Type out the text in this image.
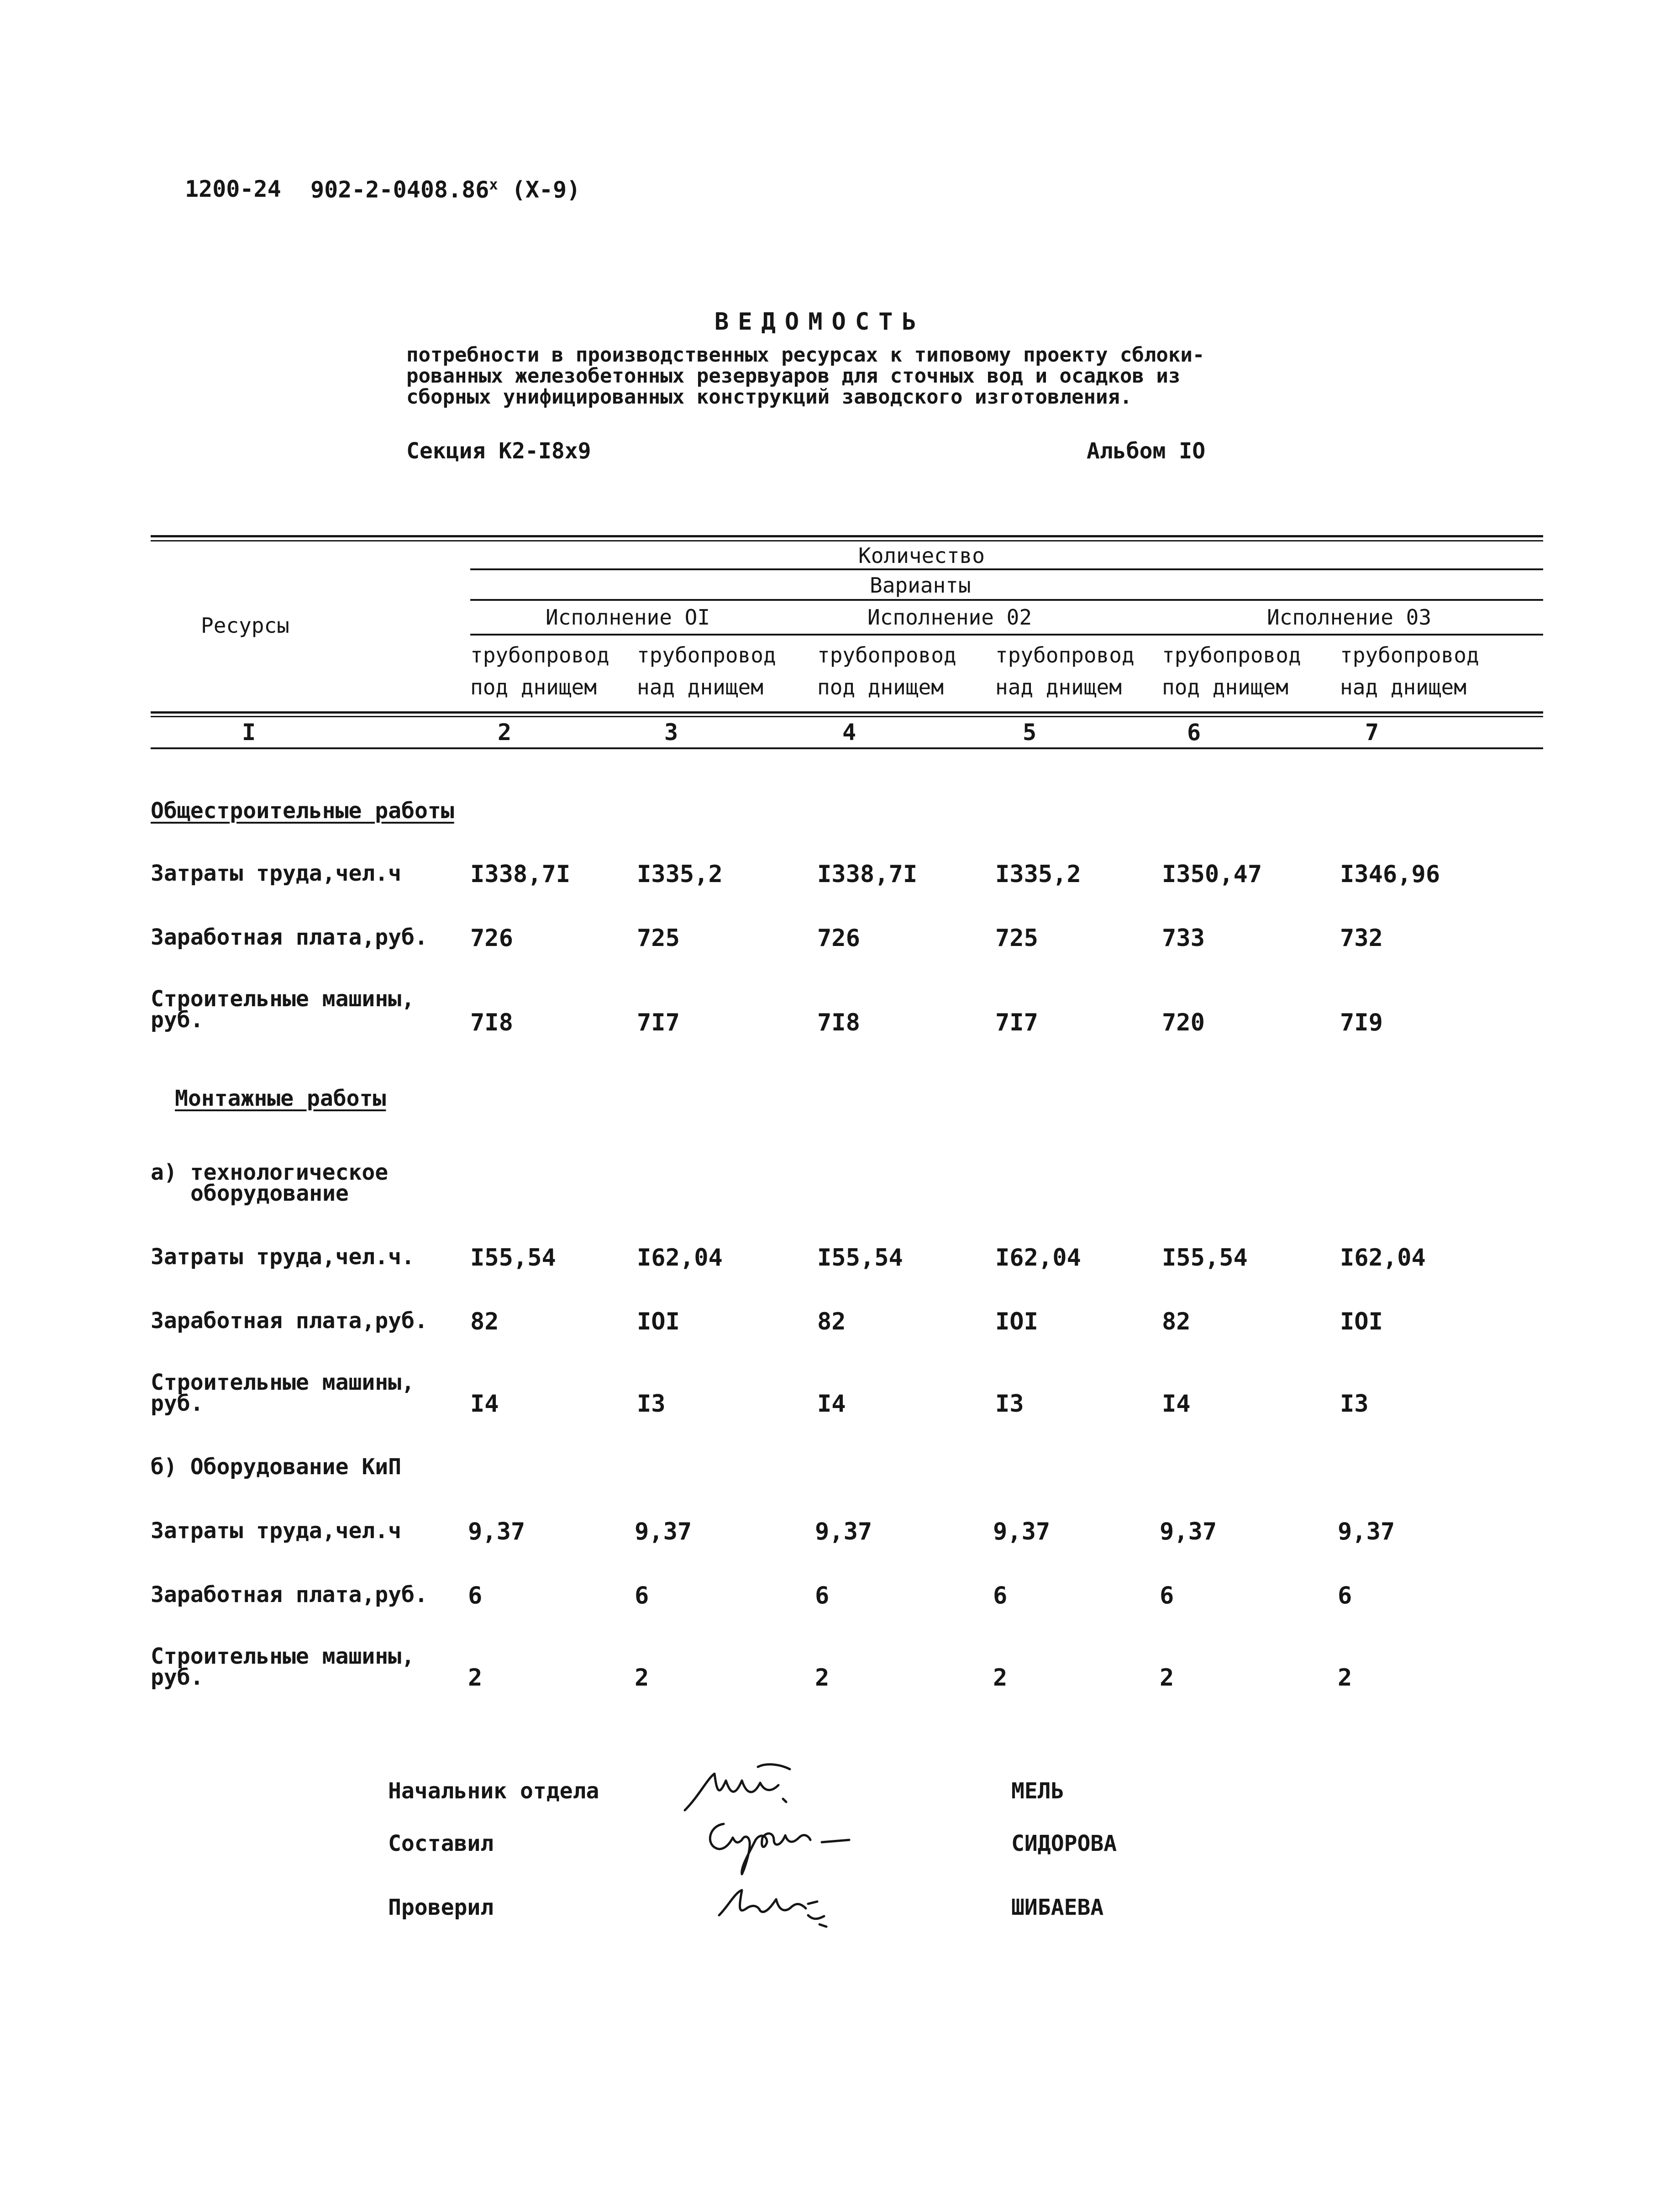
1200-24 902-2-0408.86$^x$ (X-9)
ВЕДОМОСТЬ
потребности в производственных ресурсах к типовому проекту сблоки-
рованных железобетонных резервуаров для сточных вод и осадков из
сборных унифицированных конструкций заводского изготовления.
Секция К2-I8х9	Альбом IO
Ресурсы
Количество
Варианты
Исполнение OI	Исполнение 02	Исполнение 03
трубопровод
под днищем
трубопровод
над днищем
трубопровод
под днищем
трубопровод
над днищем
трубопровод
под днищем
трубопровод
над днищем
I	2	3	4	5	6	7
Общестроительные работы
Затраты труда,чел.ч	I338,7I	I335,2	I338,7I	I335,2	I350,47	I346,96
Заработная плата,руб. 726	725	726	725	733	732
Строительные машины,
руб.	7I8	7I7	7I8	7I7	720	7I9
Монтажные работы
а) технологическое
оборудование
Затраты труда,чел.ч. I55,54	I62,04	I55,54	I62,04	I55,54	I62,04
Заработная плата,руб. 82	IOI	82	IOI	82	IOI
Строительные машины,
руб.	I4	I3	I4	I3	I4	I3
б) Оборудование КиП
Затраты труда,чел.ч	9,37	9,37	9,37	9,37	9,37	9,37
Заработная плата,руб. 6	6	6	6	6	6
Строительные машины,
руб.	2	2	2	2	2	2
Начальник отдела	МЕЛЬ
Составил	СИДОРОВА
Проверил	ШИБАЕВА
